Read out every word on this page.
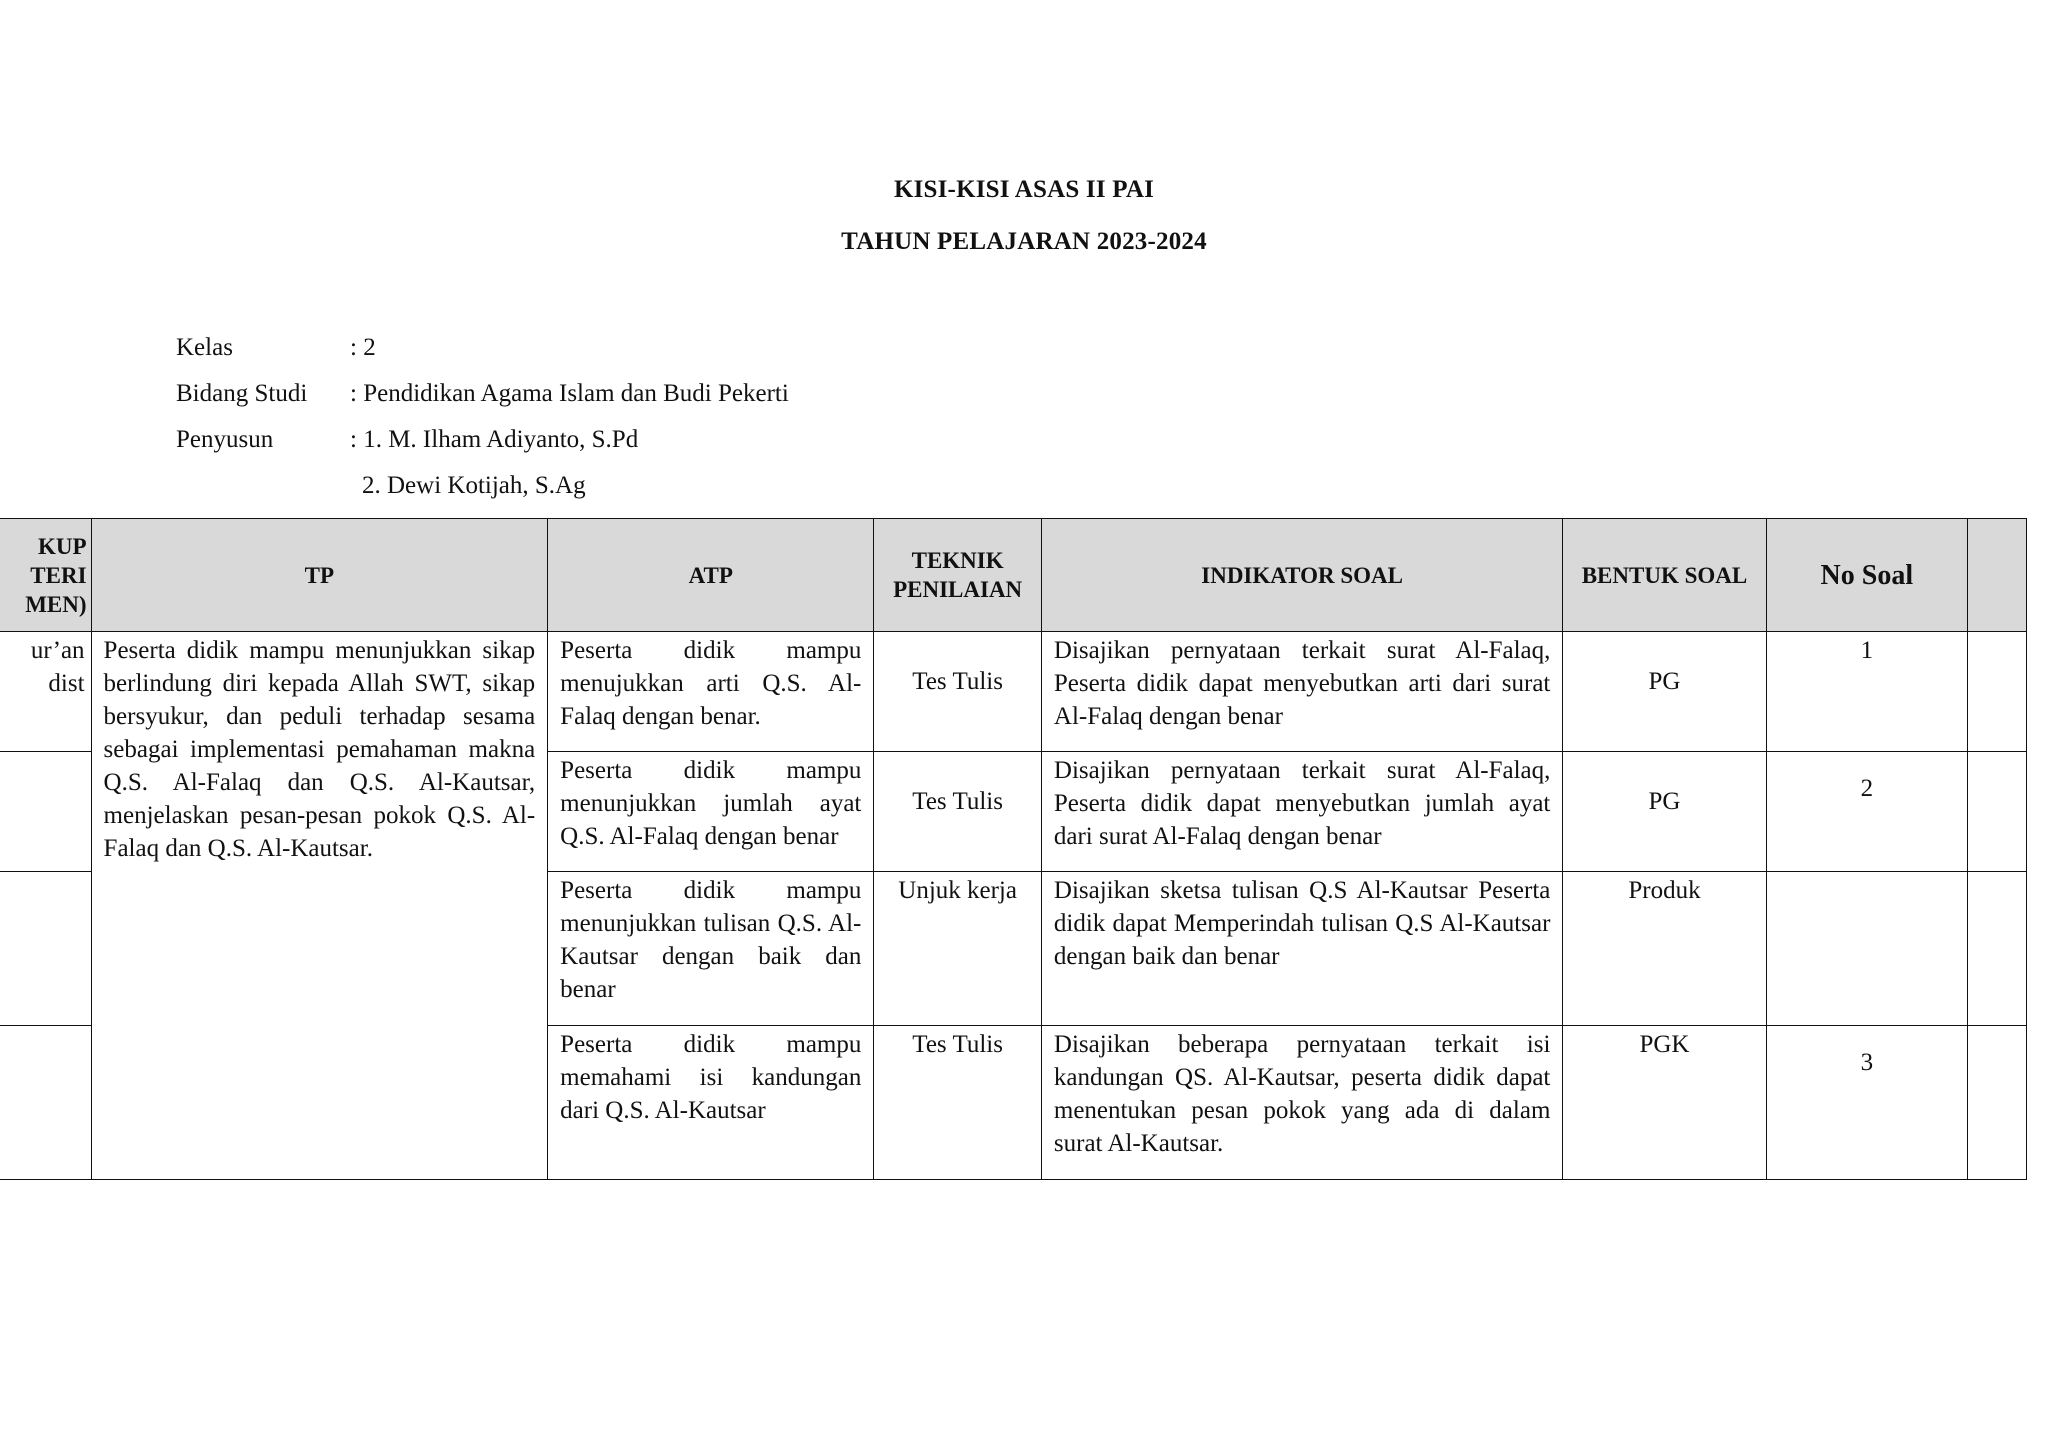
KISI-KISI ASAS II PAI
TAHUN PELAJARAN 2023-2024
Kelas	: 2
Bidang Studi : Pendidikan Agama Islam dan Budi Pekerti
Penyusun	: 1. M. Ilham Adiyanto, S.Pd
2. Dewi Kotijah, S.Ag
KUP TERI MEN)	TP	ATP	TEKNIK PENILAIAN	INDIKATOR SOAL	BENTUK SOAL	No Soal	
ur’an dist	Peserta didik mampu menunjukkan sikap berlindung diri kepada Allah SWT, sikap bersyukur, dan peduli terhadap sesama sebagai implementasi pemahaman makna Q.S. Al-Falaq dan Q.S. Al-Kautsar, menjelaskan pesan-pesan pokok Q.S. Al-Falaq dan Q.S. Al-Kautsar.	Peserta didik mampu menujukkan arti Q.S. Al-Falaq dengan benar.	Tes Tulis	Disajikan pernyataan terkait surat Al-Falaq, Peserta didik dapat menyebutkan arti dari surat Al-Falaq dengan benar	PG	1	
		Peserta didik mampu menunjukkan jumlah ayat Q.S. Al-Falaq dengan benar	Tes Tulis	Disajikan pernyataan terkait surat Al-Falaq, Peserta didik dapat menyebutkan jumlah ayat dari surat Al-Falaq dengan benar	PG	2	
		Peserta didik mampu menunjukkan tulisan Q.S. Al-Kautsar dengan baik dan benar	Unjuk kerja	Disajikan sketsa tulisan Q.S Al-Kautsar Peserta didik dapat Memperindah tulisan Q.S Al-Kautsar dengan baik dan benar	Produk		
		Peserta didik mampu memahami isi kandungan dari Q.S. Al-Kautsar	Tes Tulis	Disajikan beberapa pernyataan terkait isi kandungan QS. Al-Kautsar, peserta didik dapat menentukan pesan pokok yang ada di dalam surat Al-Kautsar.	PGK	3	
